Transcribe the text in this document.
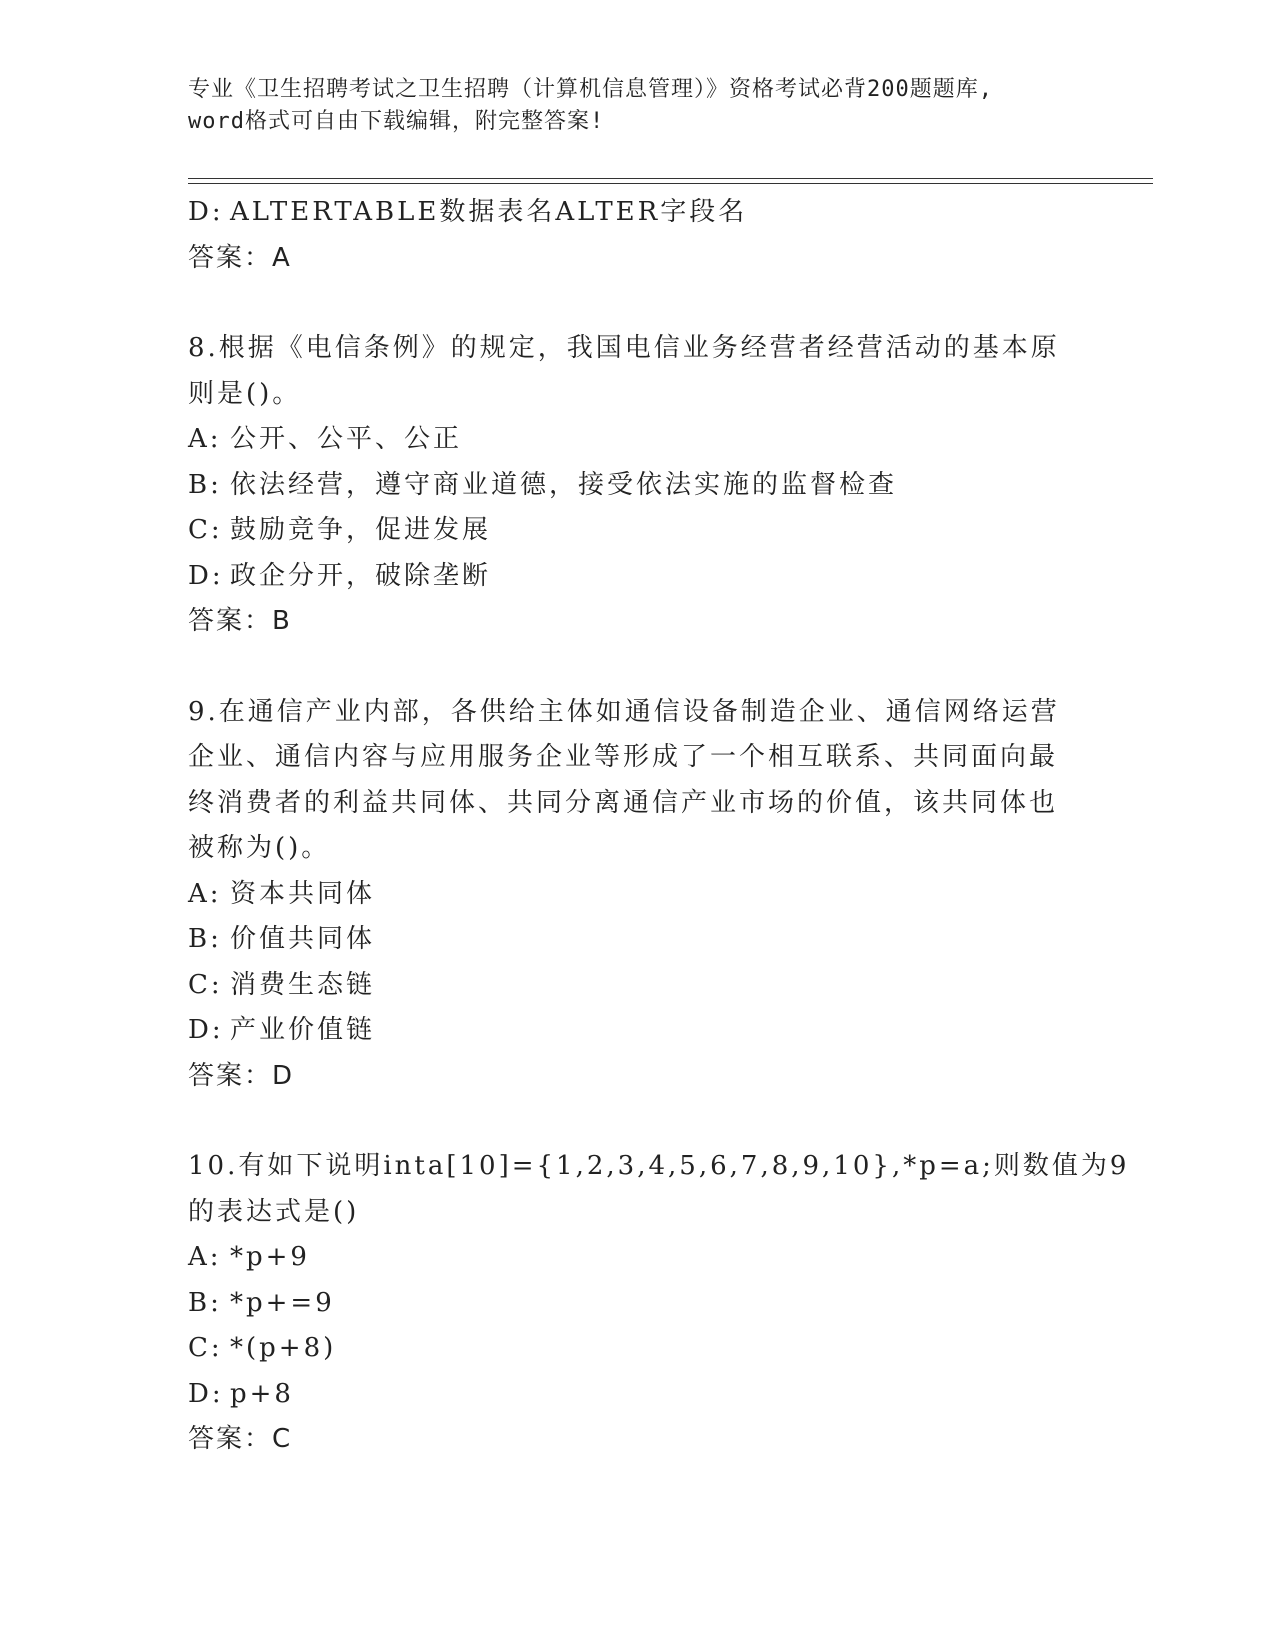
专业《卫生招聘考试之卫生招聘（计算机信息管理）》资格考试必背200题题库,
word格式可自由下载编辑，附完整答案!
D: ALTERTABLE数据表名ALTER字段名
答案：A
8.根据《电信条例》的规定，我国电信业务经营者经营活动的基本原
则是()。
A: 公开、公平、公正
B: 依法经营，遵守商业道德，接受依法实施的监督检查
C: 鼓励竞争，促进发展
D: 政企分开，破除垄断
答案：B
9.在通信产业内部，各供给主体如通信设备制造企业、通信网络运营
企业、通信内容与应用服务企业等形成了一个相互联系、共同面向最
终消费者的利益共同体、共同分离通信产业市场的价值，该共同体也
被称为()。
A: 资本共同体
B: 价值共同体
C: 消费生态链
D: 产业价值链
答案：D
10.有如下说明inta[10]={1,2,3,4,5,6,7,8,9,10},*p=a;则数值为9
的表达式是()
A: *p+9
B: *p+=9
C: *(p+8)
D: p+8
答案：C
